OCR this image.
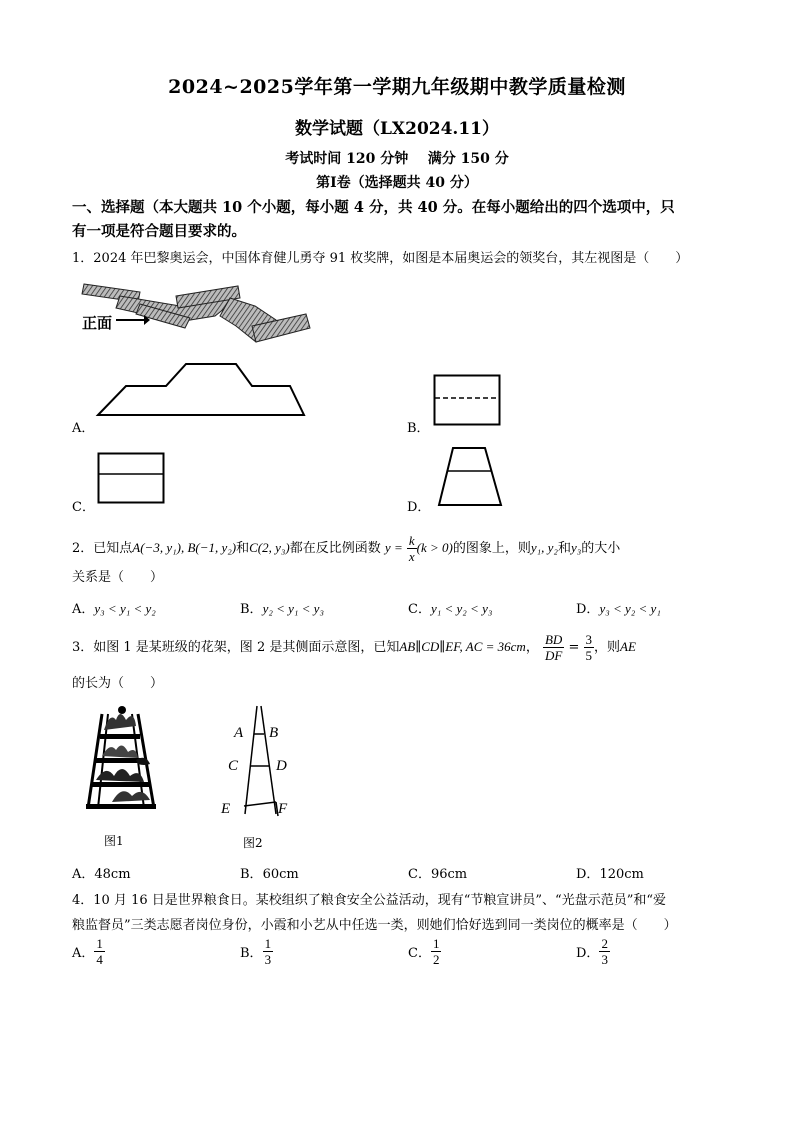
2024~2025学年第一学期九年级期中教学质量检测
数学试题（LX2024.11）
考试时间 120 分钟    满分 150 分
第Ⅰ卷（选择题共 40 分）
一、选择题（本大题共 10 个小题，每小题 4 分，共 40 分。在每小题给出的四个选项中，只
有一项是符合题目要求的。
1．2024 年巴黎奥运会，中国体育健儿勇夺 91 枚奖牌，如图是本届奥运会的领奖台，其左视图是（　　）
正面
A．	B．
C．	D．
2．已知点A(−3, y₁), B(−1, y₂)和C(2, y₃)都在反比例函数 $y = \frac{k}{x} (k > 0)$的图象上，则y₁, y₂和y₃的大小
关系是（　　）
A．y₃ < y₁ < y₂	B．y₂ < y₁ < y₃	C．y₁ < y₂ < y₃	D．y₃ < y₂ < y₁
3．如图 1 是某班级的花架，图 2 是其侧面示意图，已知AB∥CD∥EF, AC = 36cm， $\frac{BD}{DF} = \frac{3}{5}$ ，则AE
的长为（　　）
图1
A B
C	D
E	F
图2
A．48cm	B．60cm	C．96cm	D．120cm
4．10 月 16 日是世界粮食日。某校组织了粮食安全公益活动，现有“节粮宣讲员”、“光盘示范员”和“爱
粮监督员”三类志愿者岗位身份，小霞和小艺从中任选一类，则她们恰好选到同一类岗位的概率是（　　）
A． $\frac{1}{4}$	B． $\frac{1}{3}$	C． $\frac{1}{2}$	D． $\frac{2}{3}$
